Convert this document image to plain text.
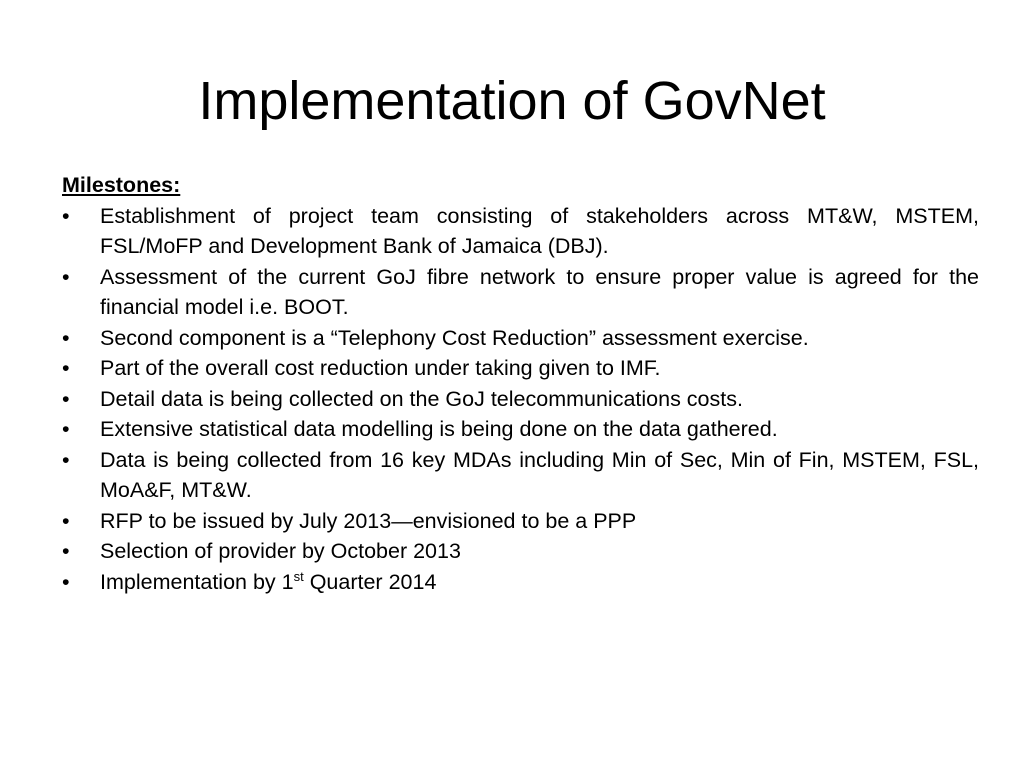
Implementation of GovNet

Milestones:

•	Establishment of project team consisting of stakeholders across MT&W, MSTEM, FSL/MoFP and Development Bank of Jamaica (DBJ).
•	Assessment of the current GoJ fibre network to ensure proper value is agreed for the financial model i.e. BOOT.
•	Second component is a “Telephony Cost Reduction” assessment exercise.
•	Part of the overall cost reduction under taking given to IMF.
•	Detail data is being collected on the GoJ telecommunications costs.
•	Extensive statistical data modelling is being done on the data gathered.
•	Data is being collected from 16 key MDAs including Min of Sec, Min of Fin, MSTEM, FSL, MoA&F, MT&W.
•	RFP to be issued by July 2013—envisioned to be a PPP
•	Selection of provider by October 2013
•	Implementation by 1st Quarter 2014
